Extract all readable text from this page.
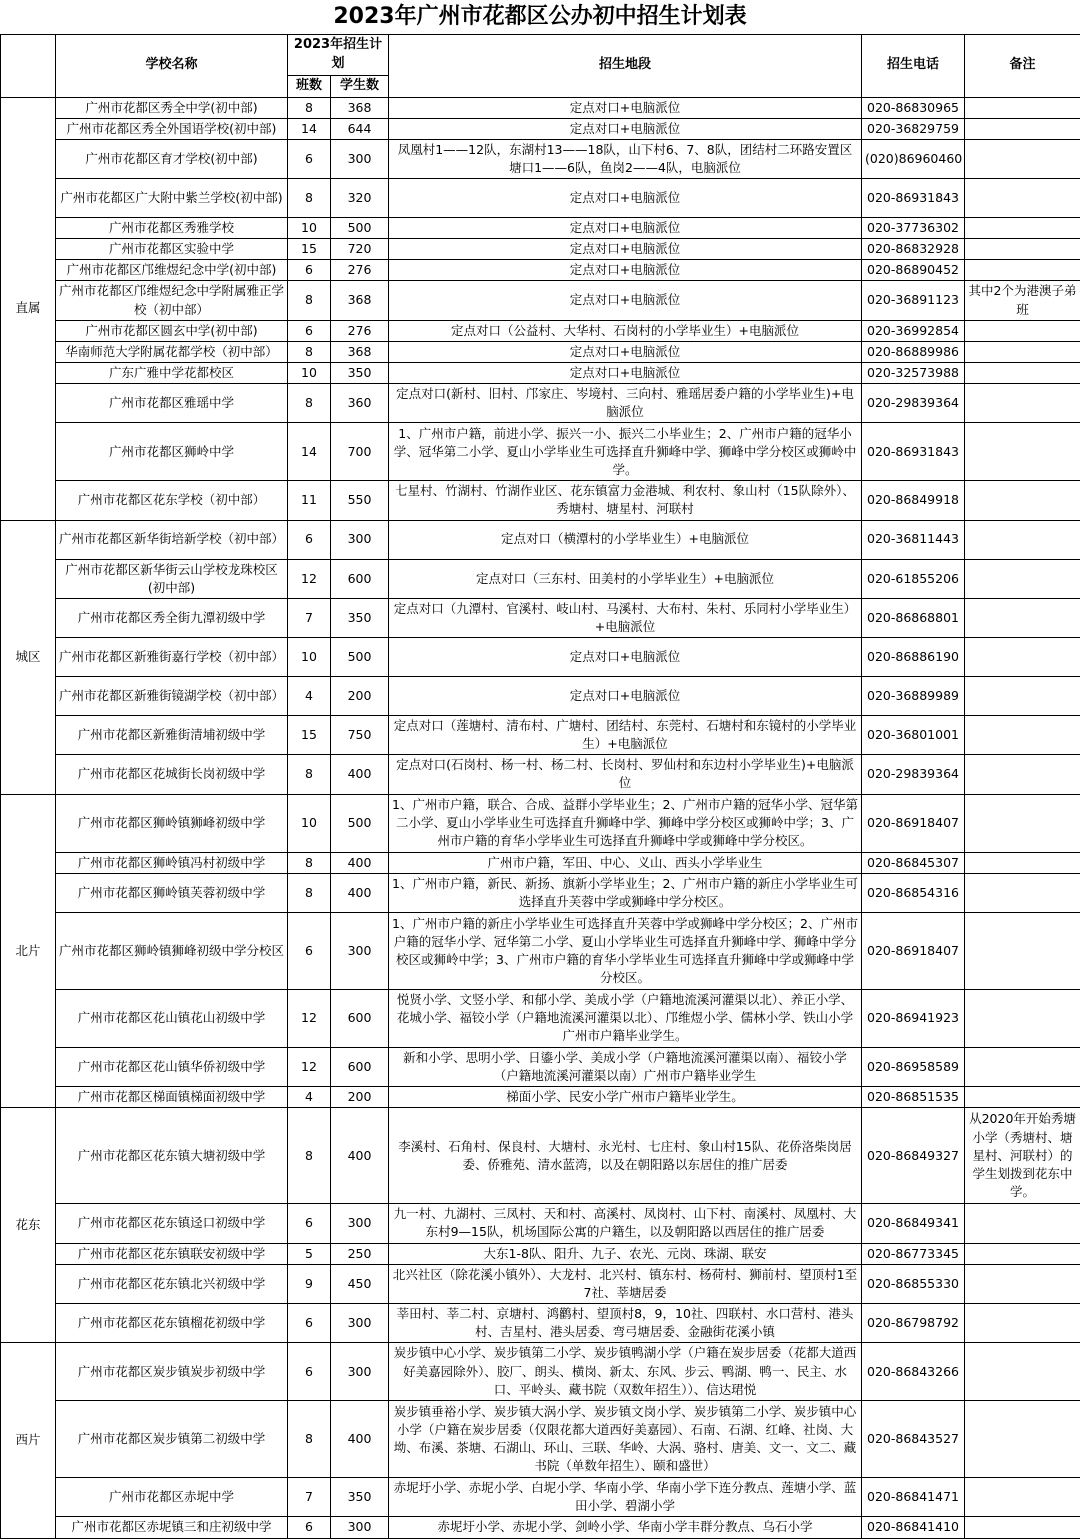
2023年广州市花都区公办初中招生计划表
	学校名称	2023年招生计划		招生地段	招生电话	备注
		班数	学生数			
直属	广州市花都区秀全中学(初中部)	8	368	定点对口+电脑派位	020-86830965	
	广州市花都区秀全外国语学校(初中部)	14	644	定点对口+电脑派位	020-36829759	
	广州市花都区育才学校(初中部)	6	300	凤凰村1——12队，东湖村13——18队，山下村6、7、8队，团结村二环路安置区塘口1——6队，鱼岗2——4队，电脑派位	(020)86960460	
	广州市花都区广大附中紫兰学校(初中部)	8	320	定点对口+电脑派位	020-86931843	
	广州市花都区秀雅学校	10	500	定点对口+电脑派位	020-37736302	
	广州市花都区实验中学	15	720	定点对口+电脑派位	020-86832928	
	广州市花都区邝维煜纪念中学(初中部)	6	276	定点对口+电脑派位	020-86890452	
	广州市花都区邝维煜纪念中学附属雅正学校（初中部）	8	368	定点对口+电脑派位	020-36891123	其中2个为港澳子弟班
	广州市花都区圆玄中学(初中部)	6	276	定点对口（公益村、大华村、石岗村的小学毕业生）+电脑派位	020-36992854	
	华南师范大学附属花都学校（初中部）	8	368	定点对口+电脑派位	020-86889986	
	广东广雅中学花都校区	10	350	定点对口+电脑派位	020-32573988	
	广州市花都区雅瑶中学	8	360	定点对口(新村、旧村、邝家庄、岑境村、三向村、雅瑶居委户籍的小学毕业生)+电脑派位	020-29839364	
	广州市花都区狮岭中学	14	700	1、广州市户籍，前进小学、振兴一小、振兴二小毕业生；2、广州市户籍的冠华小学、冠华第二小学、夏山小学毕业生可选择直升狮峰中学、狮峰中学分校区或狮岭中学。	020-86931843	
	广州市花都区花东学校（初中部）	11	550	七星村、竹湖村、竹湖作业区、花东镇富力金港城、利农村、象山村（15队除外）、秀塘村、塘星村、河联村	020-86849918	
城区	广州市花都区新华街培新学校（初中部）	6	300	定点对口（横潭村的小学毕业生）+电脑派位	020-36811443	
	广州市花都区新华街云山学校龙珠校区(初中部)	12	600	定点对口（三东村、田美村的小学毕业生）+电脑派位	020-61855206	
	广州市花都区秀全街九潭初级中学	7	350	定点对口（九潭村、官溪村、岐山村、马溪村、大布村、朱村、乐同村小学毕业生）+电脑派位	020-86868801	
	广州市花都区新雅街嘉行学校（初中部）	10	500	定点对口+电脑派位	020-86886190	
	广州市花都区新雅街镜湖学校（初中部）	4	200	定点对口+电脑派位	020-36889989	
	广州市花都区新雅街清埔初级中学	15	750	定点对口（莲塘村、清布村、广塘村、团结村、东莞村、石塘村和东镜村的小学毕业生）+电脑派位	020-36801001	
	广州市花都区花城街长岗初级中学	8	400	定点对口(石岗村、杨一村、杨二村、长岗村、罗仙村和东边村小学毕业生)+电脑派位	020-29839364	
北片	广州市花都区狮岭镇狮峰初级中学	10	500	1、广州市户籍，联合、合成、益群小学毕业生；2、广州市户籍的冠华小学、冠华第二小学、夏山小学毕业生可选择直升狮峰中学、狮峰中学分校区或狮岭中学；3、广州市户籍的育华小学毕业生可选择直升狮峰中学或狮峰中学分校区。	020-86918407	
	广州市花都区狮岭镇冯村初级中学	8	400	广州市户籍，军田、中心、义山、西头小学毕业生	020-86845307	
	广州市花都区狮岭镇芙蓉初级中学	8	400	1、广州市户籍，新民、新扬、旗新小学毕业生；2、广州市户籍的新庄小学毕业生可选择直升芙蓉中学或狮峰中学分校区。	020-86854316	
	广州市花都区狮岭镇狮峰初级中学分校区	6	300	1、广州市户籍的新庄小学毕业生可选择直升芙蓉中学或狮峰中学分校区；2、广州市户籍的冠华小学、冠华第二小学、夏山小学毕业生可选择直升狮峰中学、狮峰中学分校区或狮岭中学；3、广州市户籍的育华小学毕业生可选择直升狮峰中学或狮峰中学分校区。	020-86918407	
	广州市花都区花山镇花山初级中学	12	600	悦贤小学、文竖小学、和郁小学、美成小学（户籍地流溪河灌渠以北）、养正小学、花城小学、福铰小学（户籍地流溪河灌渠以北）、邝维煜小学、儒林小学、铁山小学广州市户籍毕业学生。	020-86941923	
	广州市花都区花山镇华侨初级中学	12	600	新和小学、思明小学、日鎏小学、美成小学（户籍地流溪河灌渠以南）、福铰小学（户籍地流溪河灌渠以南）广州市户籍毕业学生	020-86958589	
	广州市花都区梯面镇梯面初级中学	4	200	梯面小学、民安小学广州市户籍毕业学生。	020-86851535	
花东	广州市花都区花东镇大塘初级中学	8	400	李溪村、石角村、保良村、大塘村、永光村、七庄村、象山村15队、花侨洛柴岗居委、侨雅苑、清水蓝湾，以及在朝阳路以东居住的推广居委	020-86849327	从2020年开始秀塘小学（秀塘村、塘星村、河联村）的学生划拨到花东中学。
	广州市花都区花东镇迳口初级中学	6	300	九一村、九湖村、三凤村、天和村、高溪村、凤岗村、山下村、南溪村、凤凰村、大东村9—15队，机场国际公寓的户籍生，以及朝阳路以西居住的推广居委	020-86849341	
	广州市花都区花东镇联安初级中学	5	250	大东1-8队、阳升、九子、农光、元岗、珠湖、联安	020-86773345	
	广州市花都区花东镇北兴初级中学	9	450	北兴社区（除花溪小镇外）、大龙村、北兴村、镇东村、杨荷村、狮前村、望顶村1至7社、莘塘居委	020-86855330	
	广州市花都区花东镇榴花初级中学	6	300	莘田村、莘二村、京塘村、鸿鹳村、望顶村8，9，10社、四联村、水口营村、港头村、吉星村、港头居委、弯弓塘居委、金融街花溪小镇	020-86798792	
西片	广州市花都区炭步镇炭步初级中学	6	300	炭步镇中心小学、炭步镇第二小学、炭步镇鸭湖小学（户籍在炭步居委（花都大道西好美嘉园除外）、胶厂、朗头、横岗、新太、东风、步云、鸭湖、鸭一、民主、水口、平岭头、藏书院（双数年招生））、信达珺悦	020-86843266	
	广州市花都区炭步镇第二初级中学	8	400	炭步镇垂裕小学、炭步镇大涡小学、炭步镇文岗小学、炭步镇第二小学、炭步镇中心小学（户籍在炭步居委（仅限花都大道西好美嘉园）、石南、石湖、红峰、社岗、大坳、布溪、茶塘、石湖山、环山、三联、华岭、大涡、骆村、唐美、文一、文二、藏书院（单数年招生）、颐和盛世）	020-86843527	
	广州市花都区赤坭中学	7	350	赤坭圩小学、赤坭小学、白坭小学、华南小学、华南小学下连分教点、莲塘小学、蓝田小学、碧湖小学	020-86841471	
	广州市花都区赤坭镇三和庄初级中学	6	300	赤坭圩小学、赤坭小学、剑岭小学、华南小学丰群分教点、乌石小学	020-86841410	
